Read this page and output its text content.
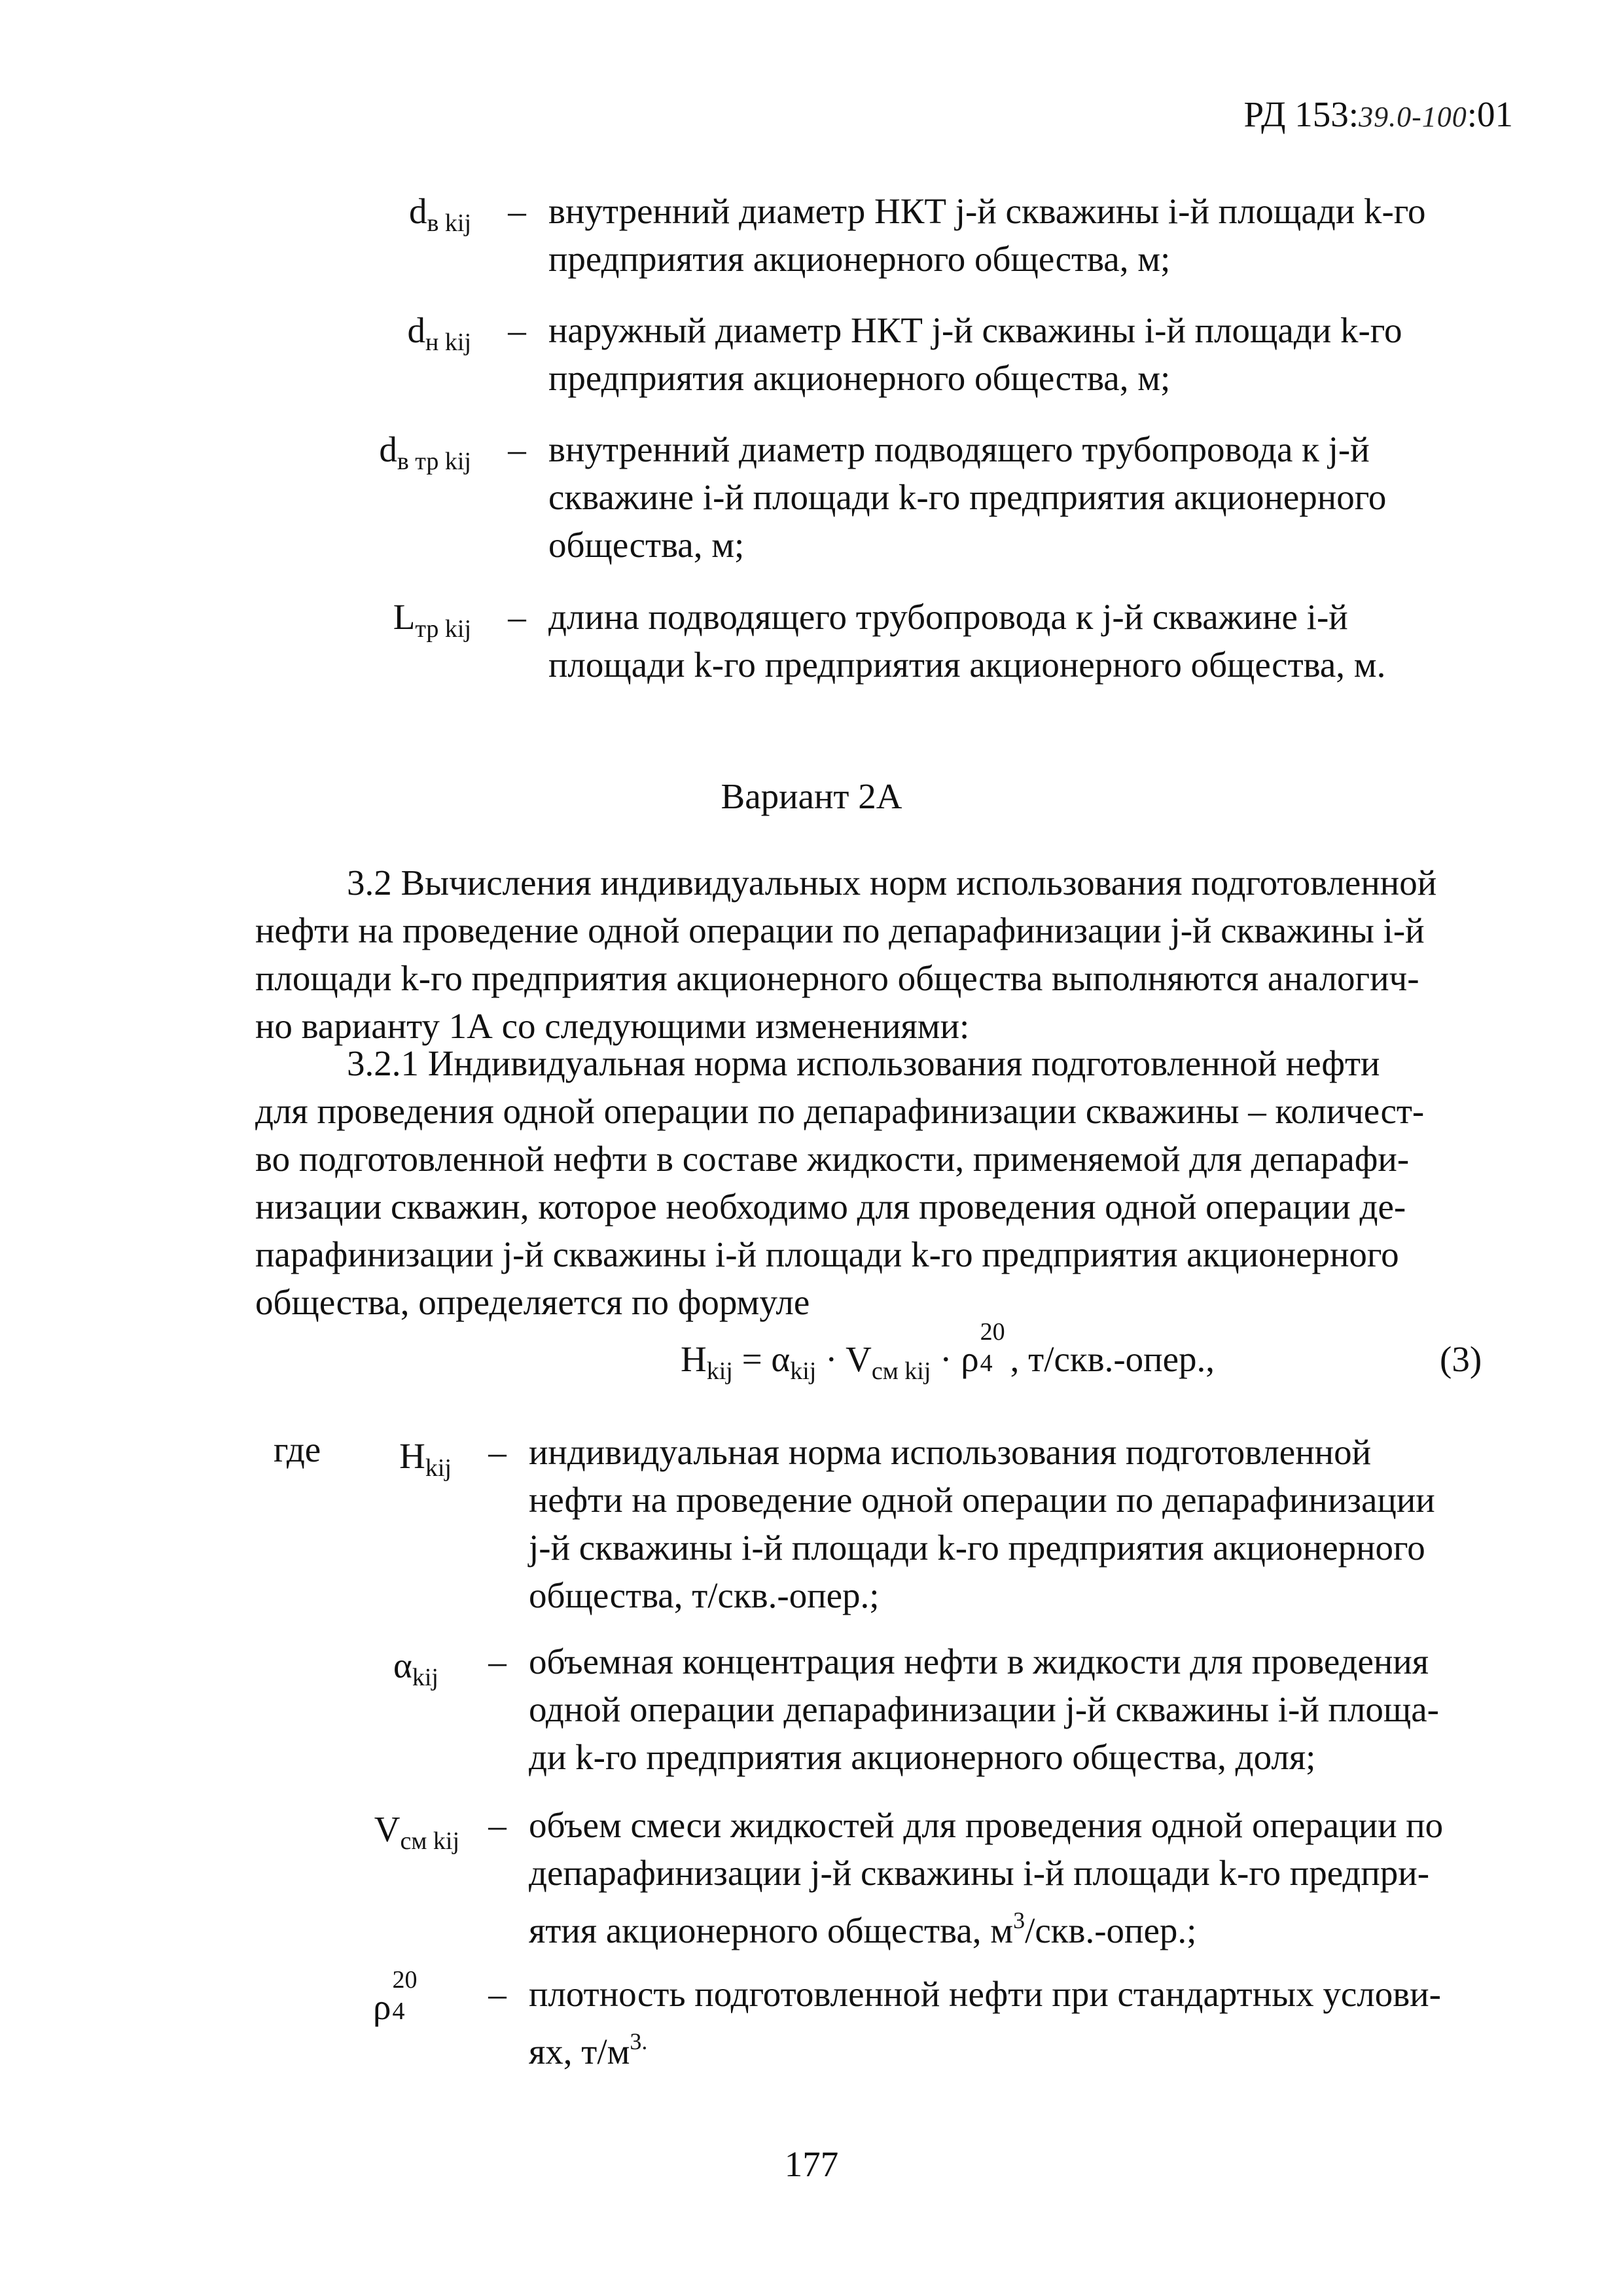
РД 153:39.0-100:01
$d_{в kij}$ – внутренний диаметр НКТ j-й скважины i-й площади k-го
предприятия акционерного общества, м;
$d_{н kij}$ – наружный диаметр НКТ j-й скважины i-й площади k-го
предприятия акционерного общества, м;
$d_{в тр kij}$ – внутренний диаметр подводящего трубопровода к j-й
скважине i-й площади k-го предприятия акционерного
общества, м;
$L_{тр kij}$ – длина подводящего трубопровода к j-й скважине i-й
площади k-го предприятия акционерного общества, м.
Вариант 2А
3.2 Вычисления индивидуальных норм использования подготовленной
нефти на проведение одной операции по депарафинизации j-й скважины i-й
площади k-го предприятия акционерного общества выполняются аналогич-
но варианту 1А со следующими изменениями:
3.2.1 Индивидуальная норма использования подготовленной нефти
для проведения одной операции по депарафинизации скважины – количест-
во подготовленной нефти в составе жидкости, применяемой для депарафи-
низации скважин, которое необходимо для проведения одной операции де-
парафинизации j-й скважины i-й площади k-го предприятия акционерного
общества, определяется по формуле
$Н_{kij} = \alpha_{kij} \cdot V_{см kij} \cdot \rho$
20
4 , т/скв.-опер.,	(3)
где	$Н_{kij}$ – индивидуальная норма использования подготовленной
нефти на проведение одной операции по депарафинизации
j-й скважины i-й площади k-го предприятия акционерного
общества, т/скв.-опер.;
$\alpha_{kij}$ – объемная концентрация нефти в жидкости для проведения
одной операции депарафинизации j-й скважины i-й площа-
ди k-го предприятия акционерного общества, доля;
$V_{см kij}$ – объем смеси жидкостей для проведения одной операции по
депарафинизации j-й скважины i-й площади k-го предпри-
ятия акционерного общества, $м^3/скв$.-опер.;
ρ
20
4 – плотность подготовленной нефти при стандартных услови-
ях, $т/м^{3.}$
177
